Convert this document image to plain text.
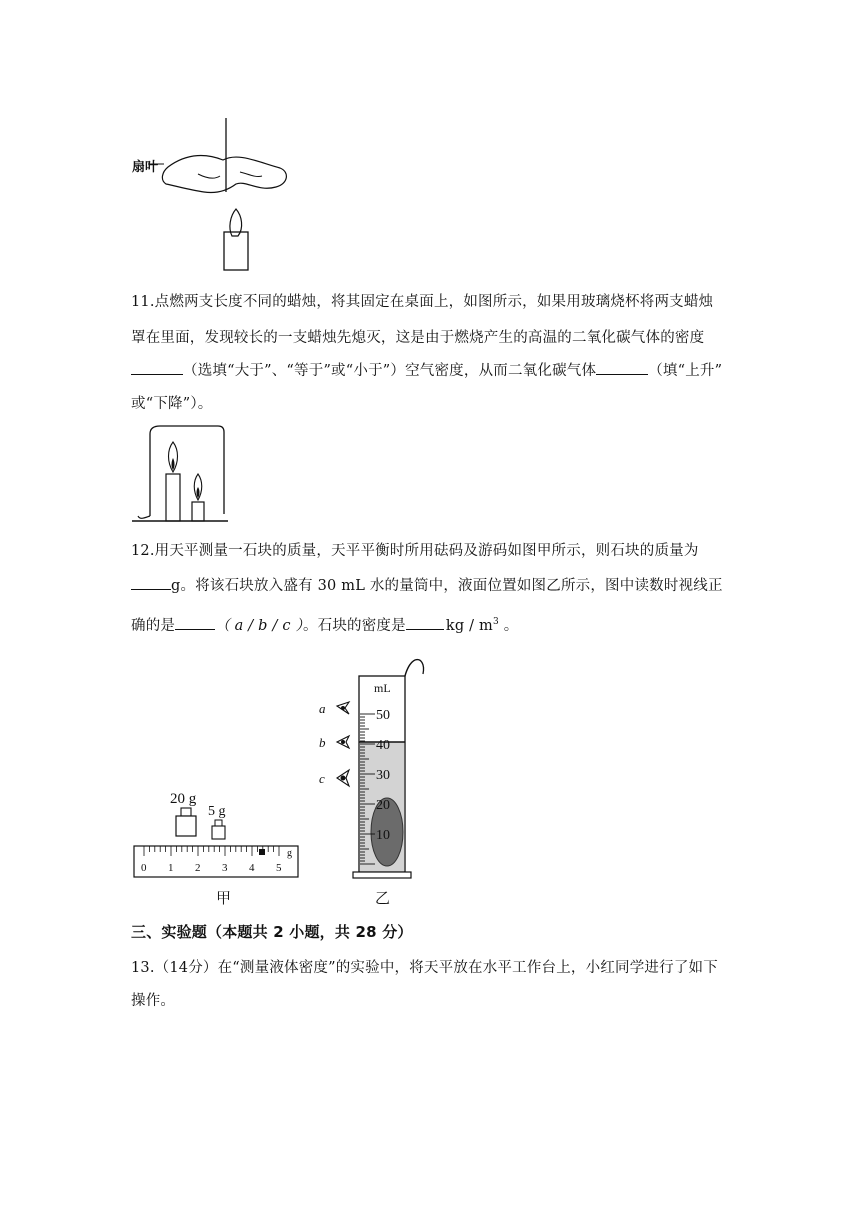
扇叶
11.点燃两支长度不同的蜡烛，将其固定在桌面上，如图所示，如果用玻璃烧杯将两支蜡烛
罩在里面，发现较长的一支蜡烛先熄灭，这是由于燃烧产生的高温的二氧化碳气体的密度
（选填“大于”、“等于”或“小于”）空气密度，从而二氧化碳气体	（填“上升”
或“下降”）。
12.用天平测量一石块的质量，天平平衡时所用砝码及游码如图甲所示，则石块的质量为
g。将该石块放入盛有 30 mL 水的量筒中，液面位置如图乙所示，图中读数时视线正
确的是	（ a / b / c ）。石块的密度是	kg / $m^3$ 。
20 g
5 g
g
0 1 2 3 4 5
甲
50
40
30
20
10
mL
a
b
c
乙
三、实验题（本题共 2 小题，共 28 分）
13.（14分）在“测量液体密度”的实验中，将天平放在水平工作台上，小红同学进行了如下
操作。
